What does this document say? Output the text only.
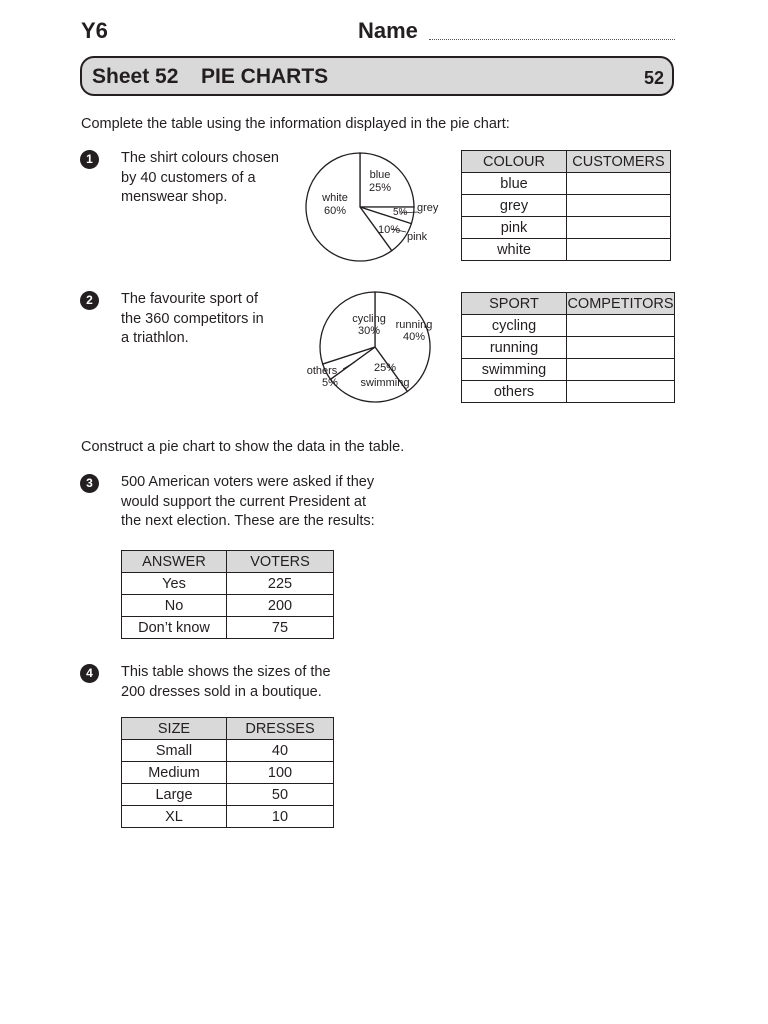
Y6	Name
Sheet 52 PIE CHARTS	52
Complete the table using the information displayed in the pie chart:
1	The shirt colours chosen
by 40 customers of a
menswear shop.
blue
25%
grey
5%
10%
pink
white
60%
COLOUR	CUSTOMERS
blue	
grey	
pink	
white	
2	The favourite sport of
the 360 competitors in
a triathlon.
cycling
30% running
40%
25%
swimming
others
5%
SPORT	COMPETITORS
cycling	
running	
swimming	
others	
Construct a pie chart to show the data in the table.
3	500 American voters were asked if they
would support the current President at
the next election. These are the results:
ANSWER	VOTERS
Yes	225
No	200
Don’t know	75
4	This table shows the sizes of the
200 dresses sold in a boutique.
SIZE	DRESSES
Small	40
Medium	100
Large	50
XL	10
